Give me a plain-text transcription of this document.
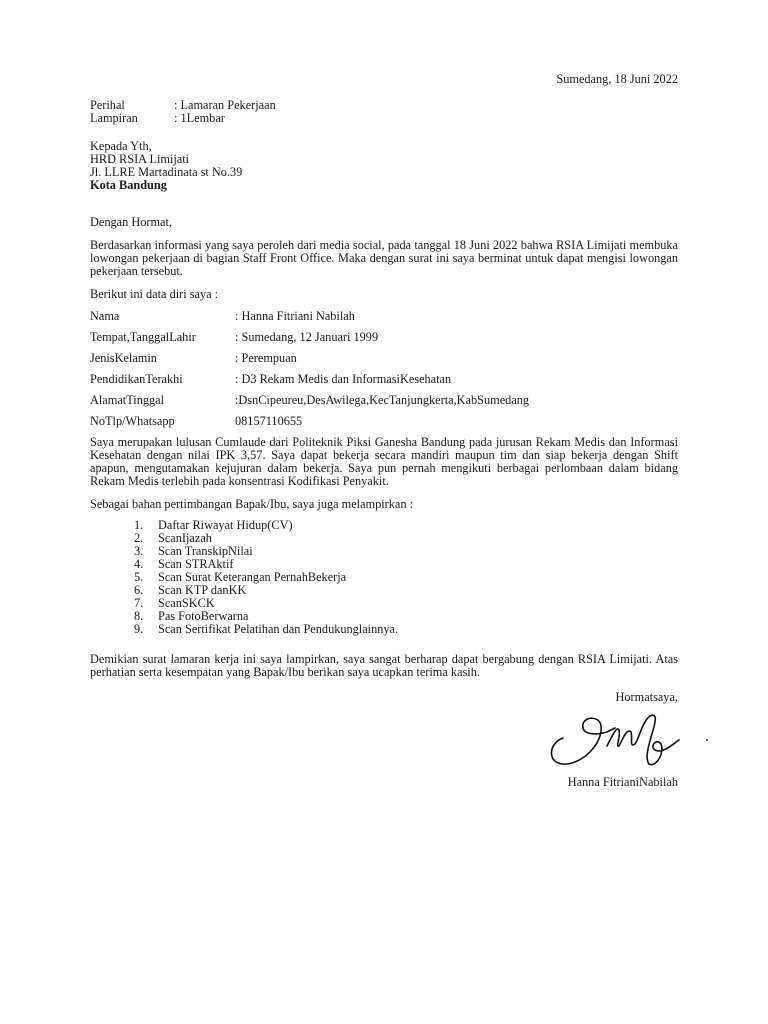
Sumedang, 18 Juni 2022
Perihal	: Lamaran Pekerjaan
Lampiran	: 1Lembar
Kepada Yth,
HRD RSIA Limijati
Jl. LLRE Martadinata st No.39
Kota Bandung

Dengan Hormat,

Berdasarkan informasi yang saya peroleh dari media social, pada tanggal 18 Juni 2022 bahwa RSIA Limijati membuka lowongan pekerjaan di bagian Staff Front Office. Maka dengan surat ini saya berminat untuk dapat mengisi lowongan pekerjaan tersebut.

Berikut ini data diri saya :

Nama	: Hanna Fitriani Nabilah
Tempat,TanggalLahir	: Sumedang, 12 Januari 1999
JenisKelamin	: Perempuan
PendidikanTerakhi	: D3 Rekam Medis dan InformasiKesehatan
AlamatTinggal	:DsnCipeureu,DesAwilega,KecTanjungkerta,KabSumedang
NoTlp/Whatsapp	08157110655

Saya merupakan lulusan Cumlaude dari Politeknik Piksi Ganesha Bandung pada jurusan Rekam Medis dan Informasi Kesehatan dengan nilai IPK 3,57. Saya dapat bekerja secara mandiri maupun tim dan siap bekerja dengan Shift apapun, mengutamakan kejujuran dalam bekerja. Saya pun pernah mengikuti berbagai perlombaan dalam bidang Rekam Medis terlebih pada konsentrasi Kodifikasi Penyakit.

Sebagai bahan pertimbangan Bapak/Ibu, saya juga melampirkan :

1.	Daftar Riwayat Hidup(CV)
2.	ScanIjazah
3.	Scan TranskipNilai
4.	Scan STRAktif
5.	Scan Surat Keterangan PernahBekerja
6.	Scan KTP danKK
7.	ScanSKCK
8.	Pas FotoBerwarna
9.	Scan Sertifikat Pelatihan dan Pendukunglainnya.

Demikian surat lamaran kerja ini saya lampirkan, saya sangat berharap dapat bergabung dengan RSIA Limijati. Atas perhatian serta kesempatan yang Bapak/Ibu berikan saya ucapkan terima kasih.

Hormatsaya,
Hanna FitrianiNabilah
